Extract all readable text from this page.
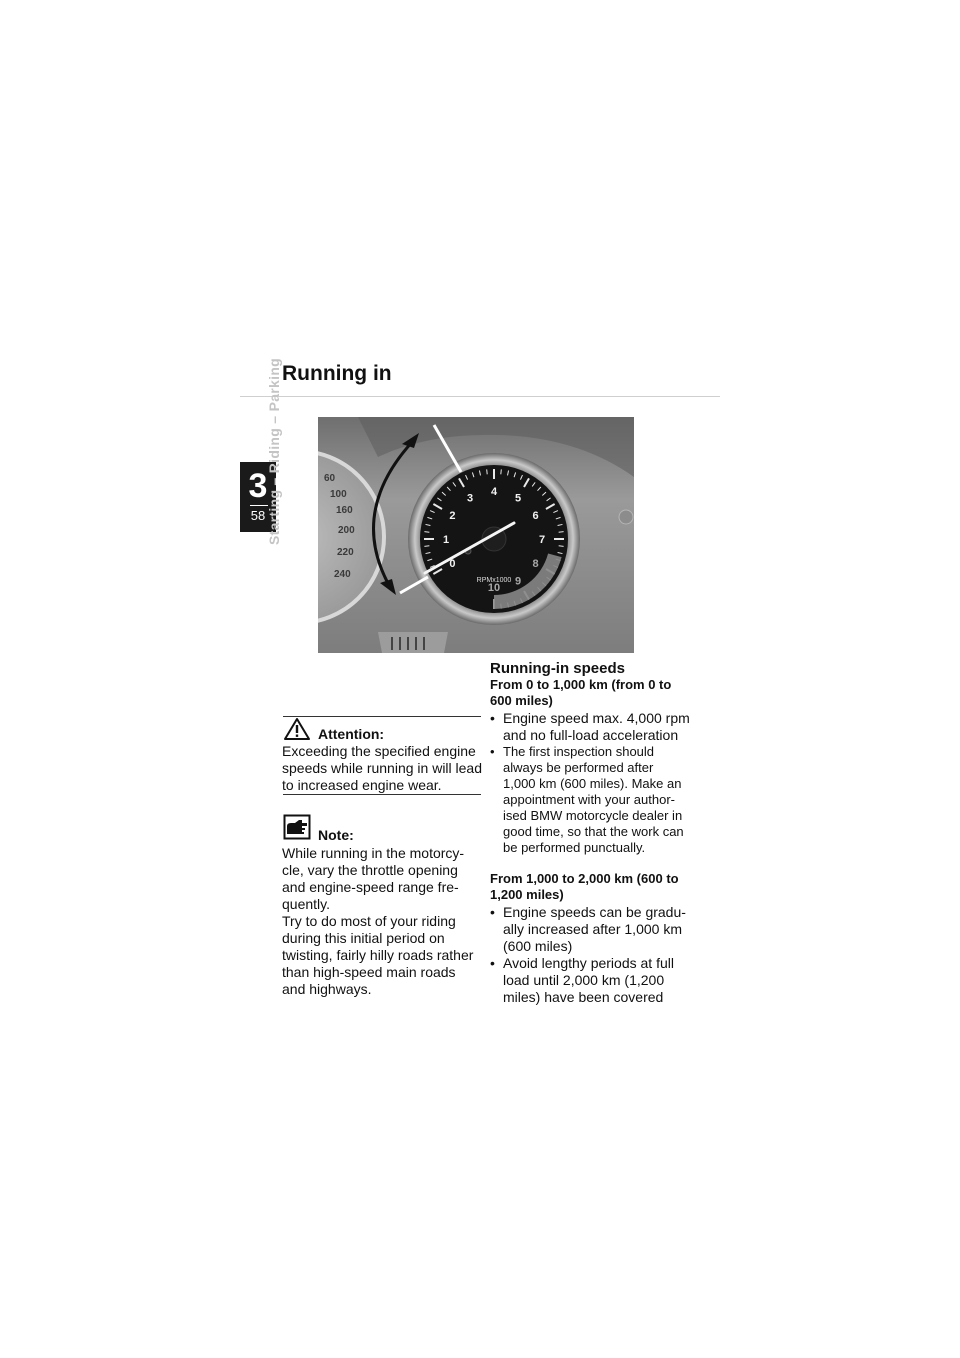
Running in
3
58 Starting – Riding – Parking	60
100
160
200
220
240
0
1
2
3
4
5
6
7
8
9
10
RPMx1000
Attention:
Exceeding the specified engine
speeds while running in will lead
to increased engine wear.
Note:
While running in the motorcy-
cle, vary the throttle opening
and engine-speed range fre-
quently.
Try to do most of your riding
during this initial period on
twisting, fairly hilly roads rather
than high-speed main roads
and highways.
Running-in speeds
From 0 to 1,000 km (from 0 to
600 miles)
• Engine speed max. 4,000 rpm
and no full-load acceleration
• The first inspection should
always be performed after
1,000 km (600 miles). Make an
appointment with your author-
ised BMW motorcycle dealer in
good time, so that the work can
be performed punctually.
From 1,000 to 2,000 km (600 to
1,200 miles)
• Engine speeds can be gradu-
ally increased after 1,000 km
(600 miles)
• Avoid lengthy periods at full
load until 2,000 km (1,200
miles) have been covered
